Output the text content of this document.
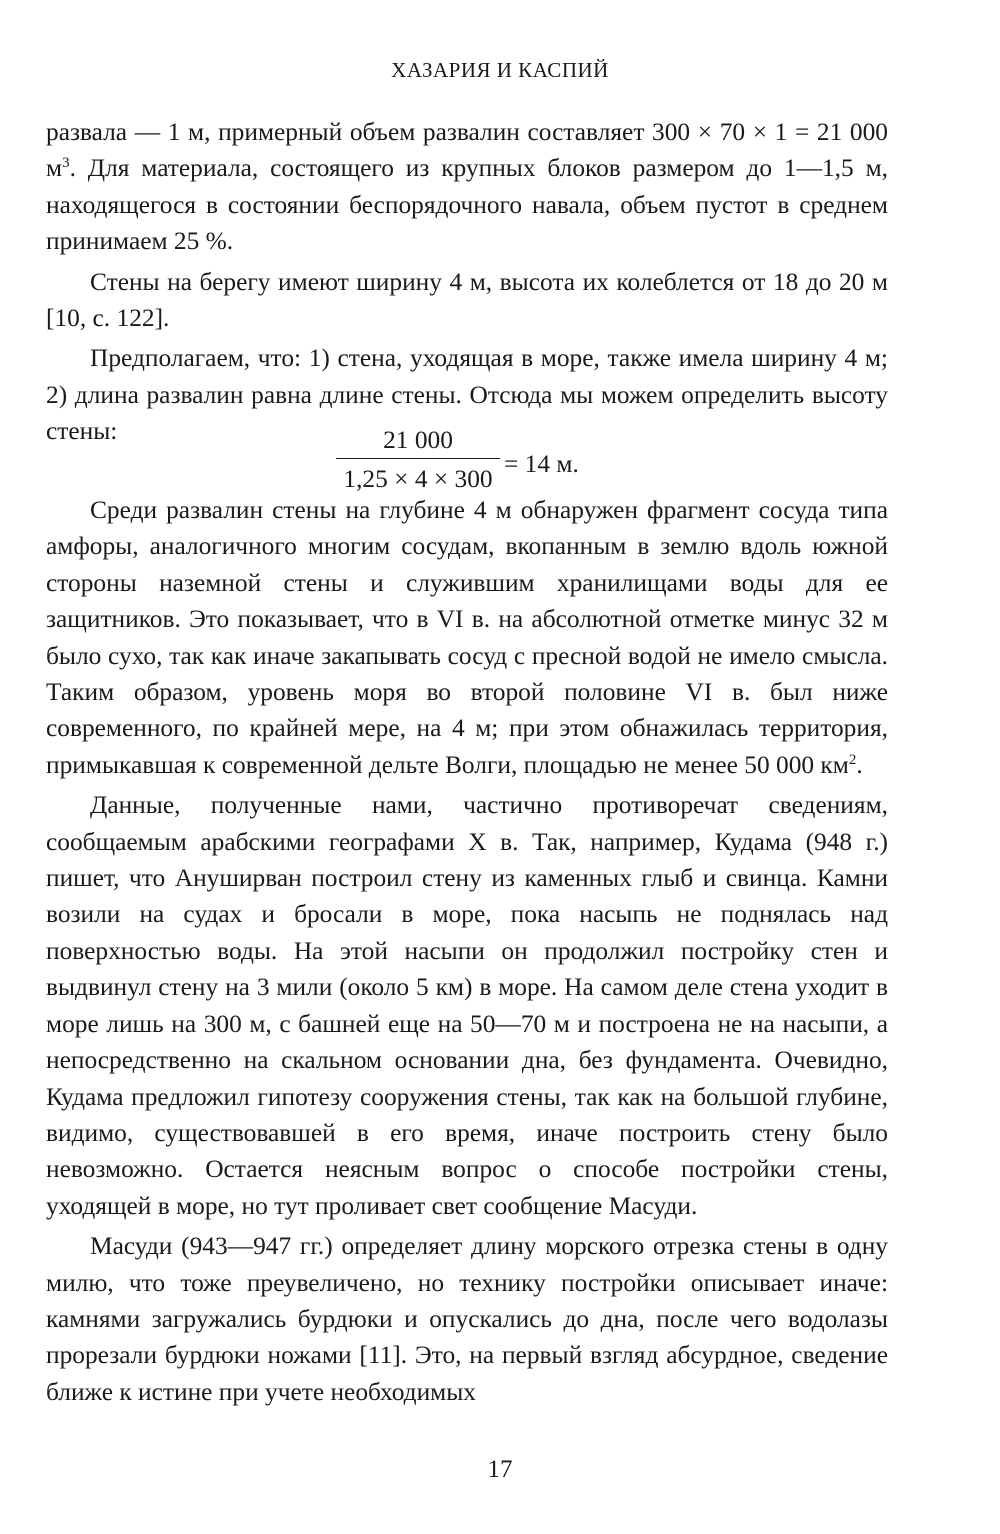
ХАЗАРИЯ И КАСПИЙ

развала — 1 м, примерный объем развалин составляет 300 × 70 × 1 = 21 000 $м^3$. Для материала, состоящего из крупных блоков размером до 1—1,5 м, находящегося в состоянии беспорядочного навала, объем пустот в среднем принимаем 25 %.

Стены на берегу имеют ширину 4 м, высота их колеблется от 18 до 20 м [10, с. 122].

Предполагаем, что: 1) стена, уходящая в море, также имела ширину 4 м; 2) длина развалин равна длине стены. Отсюда мы можем определить высоту стены:	21 000
1,25 × 4 × 300
= 14 м.

Среди развалин стены на глубине 4 м обнаружен фрагмент сосуда типа амфоры, аналогичного многим сосудам, вкопанным в землю вдоль южной стороны наземной стены и служившим хранилищами воды для ее защитников. Это показывает, что в VI в. на абсолютной отметке минус 32 м было сухо, так как иначе закапывать сосуд с пресной водой не имело смысла. Таким образом, уровень моря во второй половине VI в. был ниже современного, по крайней мере, на 4 м; при этом обнажилась территория, примыкавшая к современной дельте Волги, площадью не менее 50 000 $км^2$.

Данные, полученные нами, частично противоречат сведениям, сообщаемым арабскими географами X в. Так, например, Кудама (948 г.) пишет, что Ануширван построил стену из каменных глыб и свинца. Камни возили на судах и бросали в море, пока насыпь не поднялась над поверхностью воды. На этой насыпи он продолжил постройку стен и выдвинул стену на 3 мили (около 5 км) в море. На самом деле стена уходит в море лишь на 300 м, с башней еще на 50—70 м и построена не на насыпи, а непосредственно на скальном основании дна, без фундамента. Очевидно, Кудама предложил гипотезу сооружения стены, так как на большой глубине, видимо, существовавшей в его время, иначе построить стену было невозможно. Остается неясным вопрос о способе постройки стены, уходящей в море, но тут проливает свет сообщение Масуди.

Масуди (943—947 гг.) определяет длину морского отрезка стены в одну милю, что тоже преувеличено, но технику постройки описывает иначе: камнями загружались бурдюки и опускались до дна, после чего водолазы прорезали бурдюки ножами [11]. Это, на первый взгляд абсурдное, сведение ближе к истине при учете необходимых

17
